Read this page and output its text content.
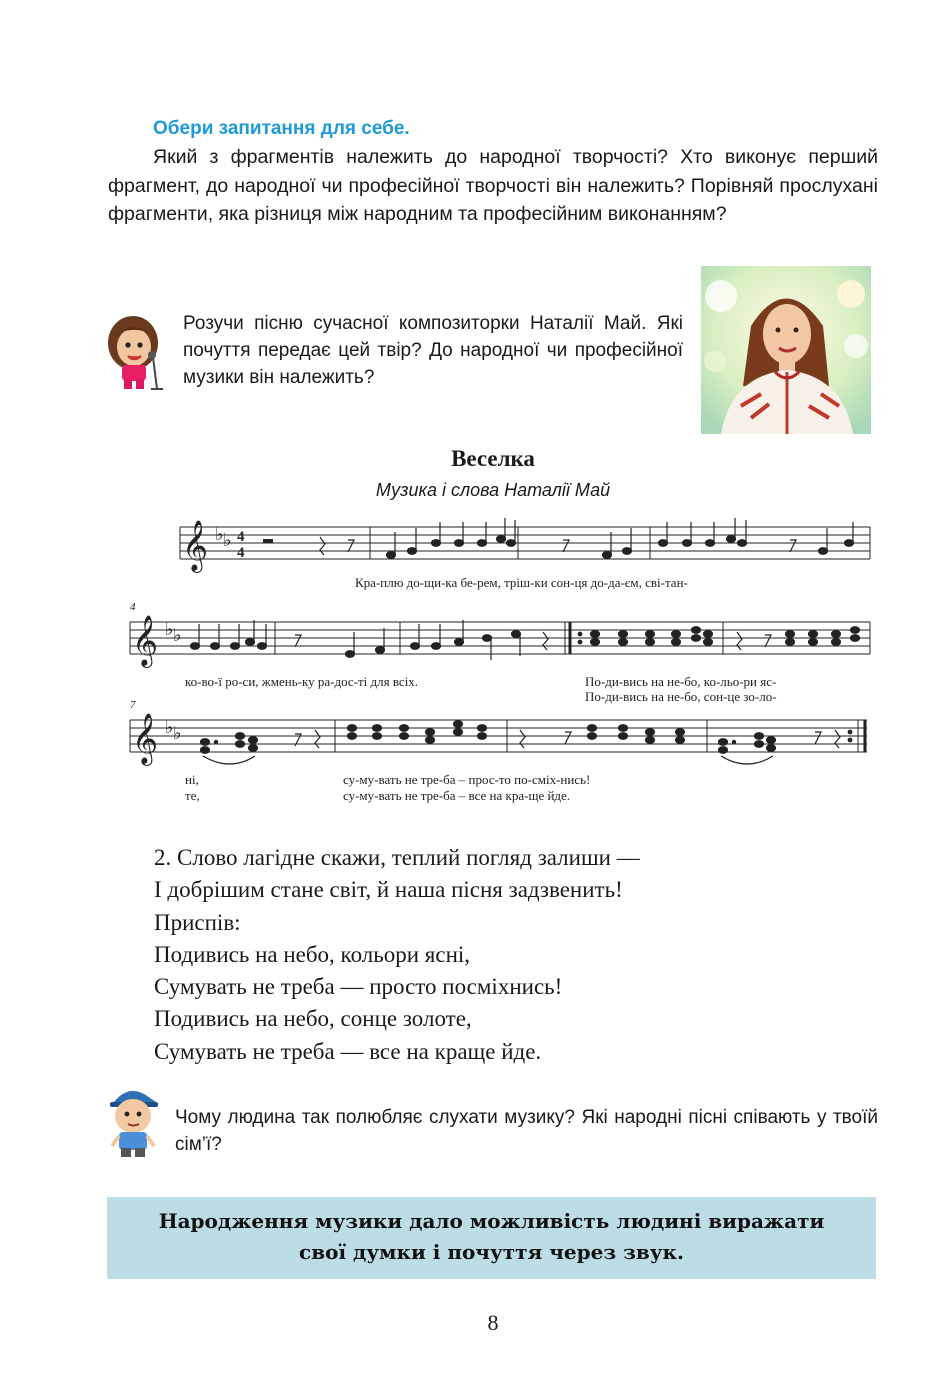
Обери запитання для себе.
Який з фрагментів належить до народної творчості? Хто виконує перший фрагмент, до народної чи професійної творчості він належить? Порівняй прослухані фрагменти, яка різниця між народним та професійним виконанням?
Розучи пісню сучасної композиторки Наталії Май. Які почуття передає цей твір? До народної чи професійної музики він належить?
Веселка
Музика і слова Наталії Май
𝄞
𝄞
𝄞
♭ ♭
♭ ♭
♭ ♭
4
4
4
7
Кра-плю до-щи-ка бе-рем, тріш-ки сон-ця до-да-єм, сві-тан-
ко-во-ї ро-си, жмень-ку ра-дос-ті для всіх.	По-ди-вись на не-бо, ко-льо-ри яс-
По-ди-вись на не-бо, сон-це зо-ло-
ні,
те,
су-му-вать не тре-ба – прос-то по-сміх-нись!
су-му-вать не тре-ба – все на кра-ще йде.
2. Слово лагідне скажи, теплий погляд залиши —
І добрішим стане світ, й наша пісня задзвенить!
Приспів:
Подивись на небо, кольори ясні,
Сумувать не треба — просто посміхнись!
Подивись на небо, сонце золоте,
Сумувать не треба — все на краще йде.
Чому людина так полюбляє слухати музику? Які народні пісні співають у твоїй сім’ї?
Народження музики дало можливість людині виражати
свої думки і почуття через звук.
8
